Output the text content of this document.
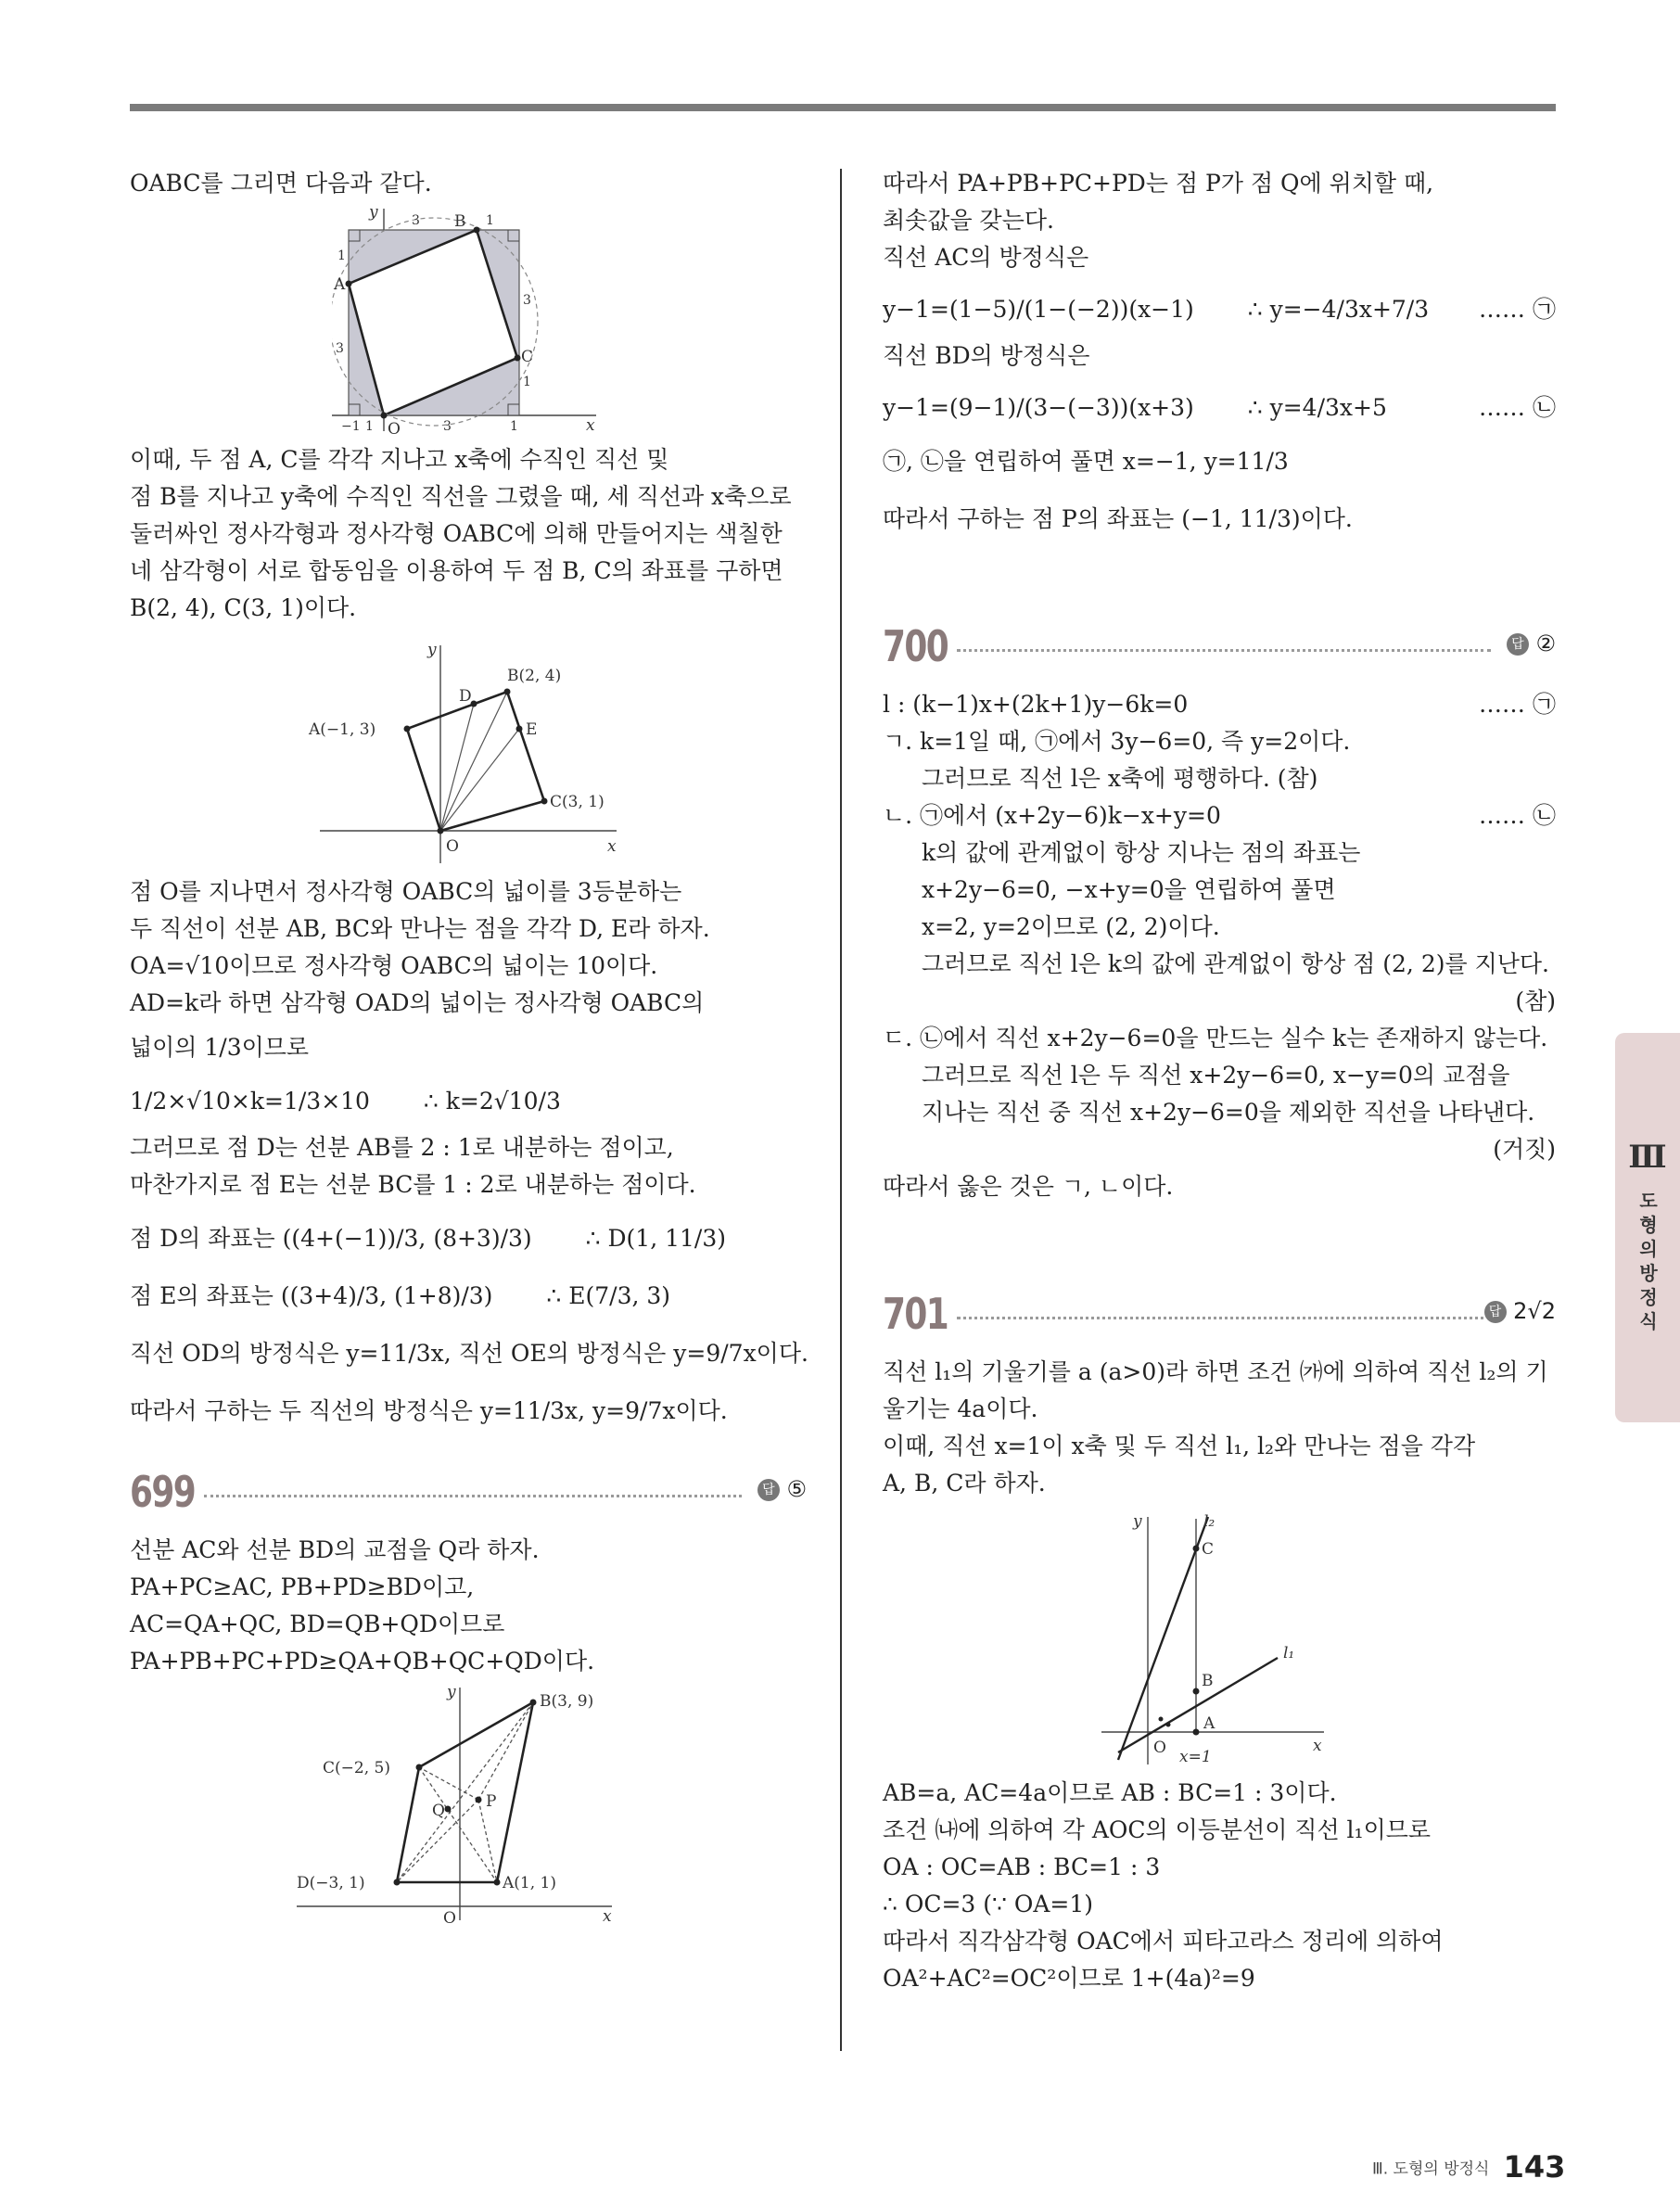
OABC를 그리면 다음과 같다.
y
x
O
A
B
C
3	1
1
3
1
3
−1 1	3	1
이때, 두 점 A, C를 각각 지나고 x축에 수직인 직선 및
점 B를 지나고 y축에 수직인 직선을 그렸을 때, 세 직선과 x축으로
둘러싸인 정사각형과 정사각형 OABC에 의해 만들어지는 색칠한
네 삼각형이 서로 합동임을 이용하여 두 점 B, C의 좌표를 구하면
B(2, 4), C(3, 1)이다.
y
x
O
A(−1, 3)
B(2, 4)
C(3, 1)
D
E
점 O를 지나면서 정사각형 OABC의 넓이를 3등분하는
두 직선이 선분 AB, BC와 만나는 점을 각각 D, E라 하자.
OA=√10이므로 정사각형 OABC의 넓이는 10이다.
AD=k라 하면 삼각형 OAD의 넓이는 정사각형 OABC의
넓이의 1/3이므로
1/2×√10×k=1/3×10 ∴ k=2√10/3
그러므로 점 D는 선분 AB를 2 : 1로 내분하는 점이고,
마찬가지로 점 E는 선분 BC를 1 : 2로 내분하는 점이다.
점 D의 좌표는 ((4+(−1))/3, (8+3)/3) ∴ D(1, 11/3)
점 E의 좌표는 ((3+4)/3, (1+8)/3) ∴ E(7/3, 3)
직선 OD의 방정식은 y=11/3x, 직선 OE의 방정식은 y=9/7x이다.
따라서 구하는 두 직선의 방정식은 y=11/3x, y=9/7x이다.
699	답 ⑤
선분 AC와 선분 BD의 교점을 Q라 하자.
PA+PC≥AC, PB+PD≥BD이고,
AC=QA+QC, BD=QB+QD이므로
PA+PB+PC+PD≥QA+QB+QC+QD이다.
y
x
O
B(3, 9)
C(−2, 5)
D(−3, 1)	A(1, 1)
P
Q
따라서 PA+PB+PC+PD는 점 P가 점 Q에 위치할 때,
최솟값을 갖는다.
직선 AC의 방정식은
y−1=(1−5)/(1−(−2))(x−1) ∴ y=−4/3x+7/3 …… ㉠
직선 BD의 방정식은
y−1=(9−1)/(3−(−3))(x+3) ∴ y=4/3x+5	…… ㉡
㉠, ㉡을 연립하여 풀면 x=−1, y=11/3
따라서 구하는 점 P의 좌표는 (−1, 11/3)이다.
700	답 ②
l : (k−1)x+(2k+1)y−6k=0	…… ㉠
ㄱ. k=1일 때, ㉠에서 3y−6=0, 즉 y=2이다.
그러므로 직선 l은 x축에 평행하다. (참)
ㄴ. ㉠에서 (x+2y−6)k−x+y=0	…… ㉡
k의 값에 관계없이 항상 지나는 점의 좌표는
x+2y−6=0, −x+y=0을 연립하여 풀면
x=2, y=2이므로 (2, 2)이다.
그러므로 직선 l은 k의 값에 관계없이 항상 점 (2, 2)를 지난다.
(참)

ㄷ. ㉡에서 직선 x+2y−6=0을 만드는 실수 k는 존재하지 않는다.
그러므로 직선 l은 두 직선 x+2y−6=0, x−y=0의 교점을
지나는 직선 중 직선 x+2y−6=0을 제외한 직선을 나타낸다.
(거짓)

따라서 옳은 것은 ㄱ, ㄴ이다.
701	답 2√2
직선 l₁의 기울기를 a (a>0)라 하면 조건 ㈎에 의하여 직선 l₂의 기
울기는 4a이다.
이때, 직선 x=1이 x축 및 두 직선 l₁, l₂와 만나는 점을 각각
A, B, C라 하자.
y
x
O
A
B
C
l₁
l₂
x=1
AB=a, AC=4a이므로 AB : BC=1 : 3이다.
조건 ㈏에 의하여 각 AOC의 이등분선이 직선 l₁이므로
OA : OC=AB : BC=1 : 3
∴ OC=3 (∵ OA=1)
따라서 직각삼각형 OAC에서 피타고라스 정리에 의하여
OA²+AC²=OC²이므로 1+(4a)²=9
Ⅲ
도형의 방정식
Ⅲ. 도형의 방정식 143
